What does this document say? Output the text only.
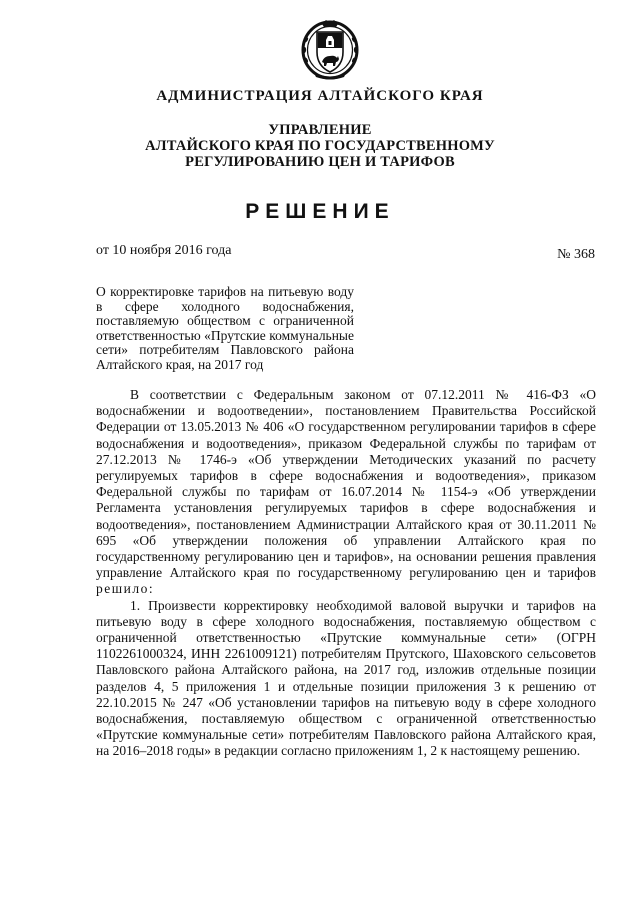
АДМИНИСТРАЦИЯ АЛТАЙСКОГО КРАЯ
УПРАВЛЕНИЕ
АЛТАЙСКОГО КРАЯ ПО ГОСУДАРСТВЕННОМУ
РЕГУЛИРОВАНИЮ ЦЕН И ТАРИФОВ
РЕШЕНИЕ
от 10 ноября 2016 года	№ 368
О корректировке тарифов на питьевую воду в сфере холодного водоснабжения, поставляемую обществом с ограниченной ответственностью «Прутские коммунальные сети» потребителям Павловского района Алтайского края, на 2017 год

В соответствии с Федеральным законом от 07.12.2011 № 416-ФЗ «О водоснабжении и водоотведении», постановлением Правительства Российской Федерации от 13.05.2013 № 406 «О государственном регулировании тарифов в сфере водоснабжения и водоотведения», приказом Федеральной службы по тарифам от 27.12.2013 № 1746-э «Об утверждении Методических указаний по расчету регулируемых тарифов в сфере водоснабжения и водоотведения», приказом Федеральной службы по тарифам от 16.07.2014 № 1154-э «Об утверждении Регламента установления регулируемых тарифов в сфере водоснабжения и водоотведения», постановлением Администрации Алтайского края от 30.11.2011 № 695 «Об утверждении положения об управлении Алтайского края по государственному регулированию цен и тарифов», на основании решения правления управление Алтайского края по государственному регулированию цен и тарифов решило:

1. Произвести корректировку необходимой валовой выручки и тарифов на питьевую воду в сфере холодного водоснабжения, поставляемую обществом с ограниченной ответственностью «Прутские коммунальные сети» (ОГРН 1102261000324, ИНН 2261009121) потребителям Прутского, Шаховского сельсоветов Павловского района Алтайского района, на 2017 год, изложив отдельные позиции разделов 4, 5 приложения 1 и отдельные позиции приложения 3 к решению от 22.10.2015 № 247 «Об установлении тарифов на питьевую воду в сфере холодного водоснабжения, поставляемую обществом с ограниченной ответственностью «Прутские коммунальные сети» потребителям Павловского района Алтайского края, на 2016–2018 годы» в редакции согласно приложениям 1, 2 к настоящему решению.
